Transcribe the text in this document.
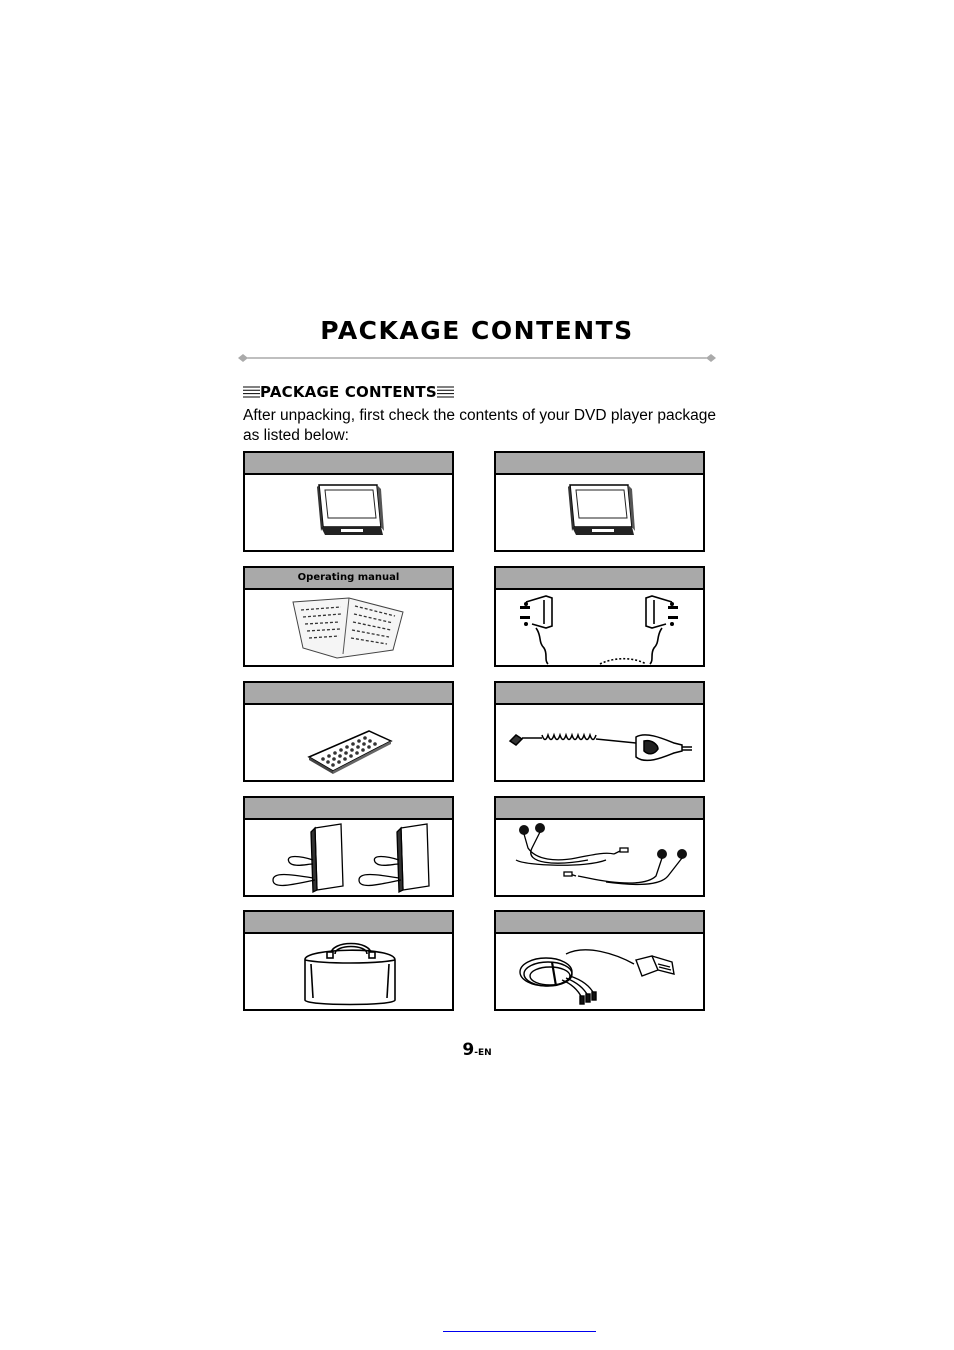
PACKAGE CONTENTS
PACKAGE CONTENTS
After unpacking, first check the contents of your DVD player package as listed below:
Operating manual
9-EN
